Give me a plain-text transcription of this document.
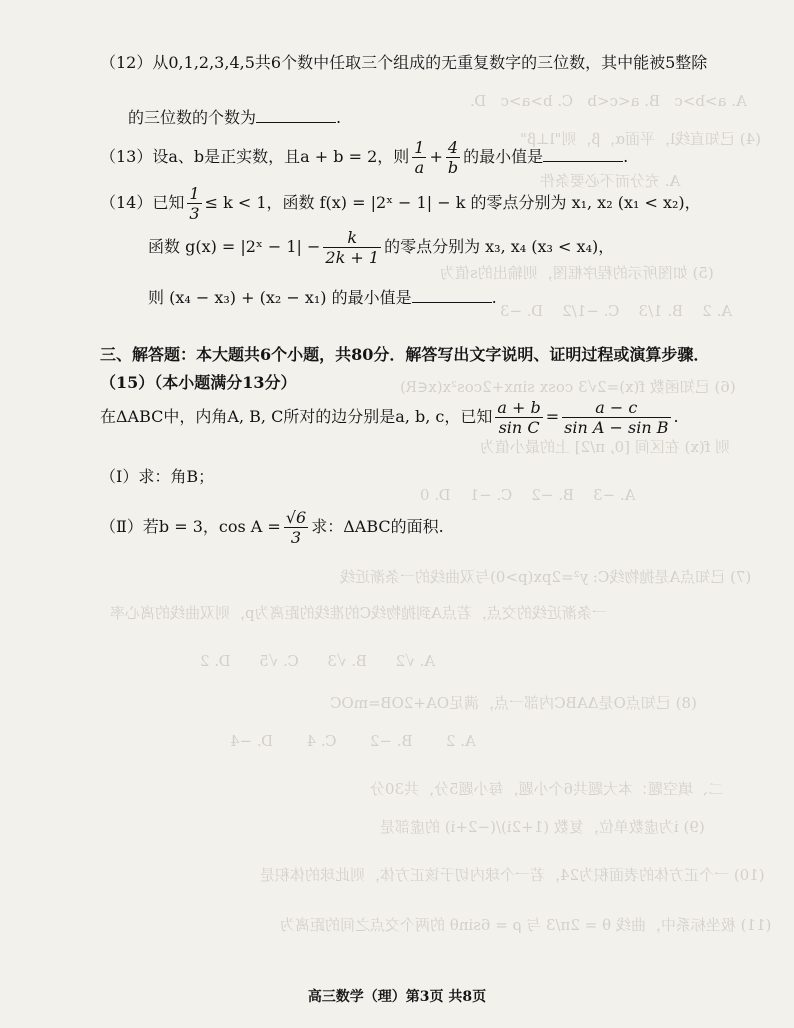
A. a>b>c   B. a<c<b   C. b>a>c   D.
(4) 已知直线l，平面α，β，则"l⊥β"
A. 充分而不必要条件
(5) 如图所示的程序框图，则输出的s值为
A. 2    B. 1/3    C. −1/2    D. −3
(6) 已知函数 f(x)=2√3 cosx sinx+2cos²x(x∈R)
则 f(x) 在区间 [0, π/2] 上的最小值为
A. −3    B. −2    C. −1    D. 0
(7) 已知点A是抛物线C: y²=2px(p>0)与双曲线的一条渐近线
一条渐近线的交点，若点A到抛物线C的准线的距离为p，则双曲线的离心率
A. √2      B. √3      C. √5      D. 2
(8) 已知点O是ΔABC内部一点，满足OA+2OB=mOC
A. 2       B. −2       C. 4       D. −4
二、填空题：本大题共6个小题，每小题5分，共30分
(9) i为虚数单位，复数 (1+2i)/(−2+i) 的虚部是
(10) 一个正方体的表面积为24，若一个球内切于该正方体，则此球的体积是
(11) 极坐标系中，曲线 θ = 2π/3 与 ρ = 6sinθ 的两个交点之间的距离为
（12）从0,1,2,3,4,5共6个数中任取三个组成的无重复数字的三位数，其中能被5整除
的三位数的个数为	.
（13）设a、b是正实数，且a + b = 2，则 $\frac{1}{a} + \frac{4}{b}$ 的最小值是	.
（14）已知 $\frac{1}{3} \le k < 1$，函数 f(x) = |2ˣ − 1| − k 的零点分别为 x₁, x₂ (x₁ < x₂)，
函数 g(x) = |2ˣ − $1| - \frac{k}{2k + 1}$ 的零点分别为 x₃, x₄ (x₃ < x₄)，
则 (x₄ − x₃) + (x₂ − x₁) 的最小值是	.
三、解答题：本大题共6个小题，共80分．解答写出文字说明、证明过程或演算步骤．
（15）（本小题满分13分）
在ΔABC中，内角A, B, C所对的边分别是a, b, c，已知 $\frac{a + b}{\text{sin C}} = \frac{a - c}{\text{sin A − sin B}}$ .
（Ⅰ）求：角B；
（Ⅱ）若b = 3，$\cos A = \frac{√6}{3}$ 求：ΔABC的面积.
高三数学（理）第3页 共8页
